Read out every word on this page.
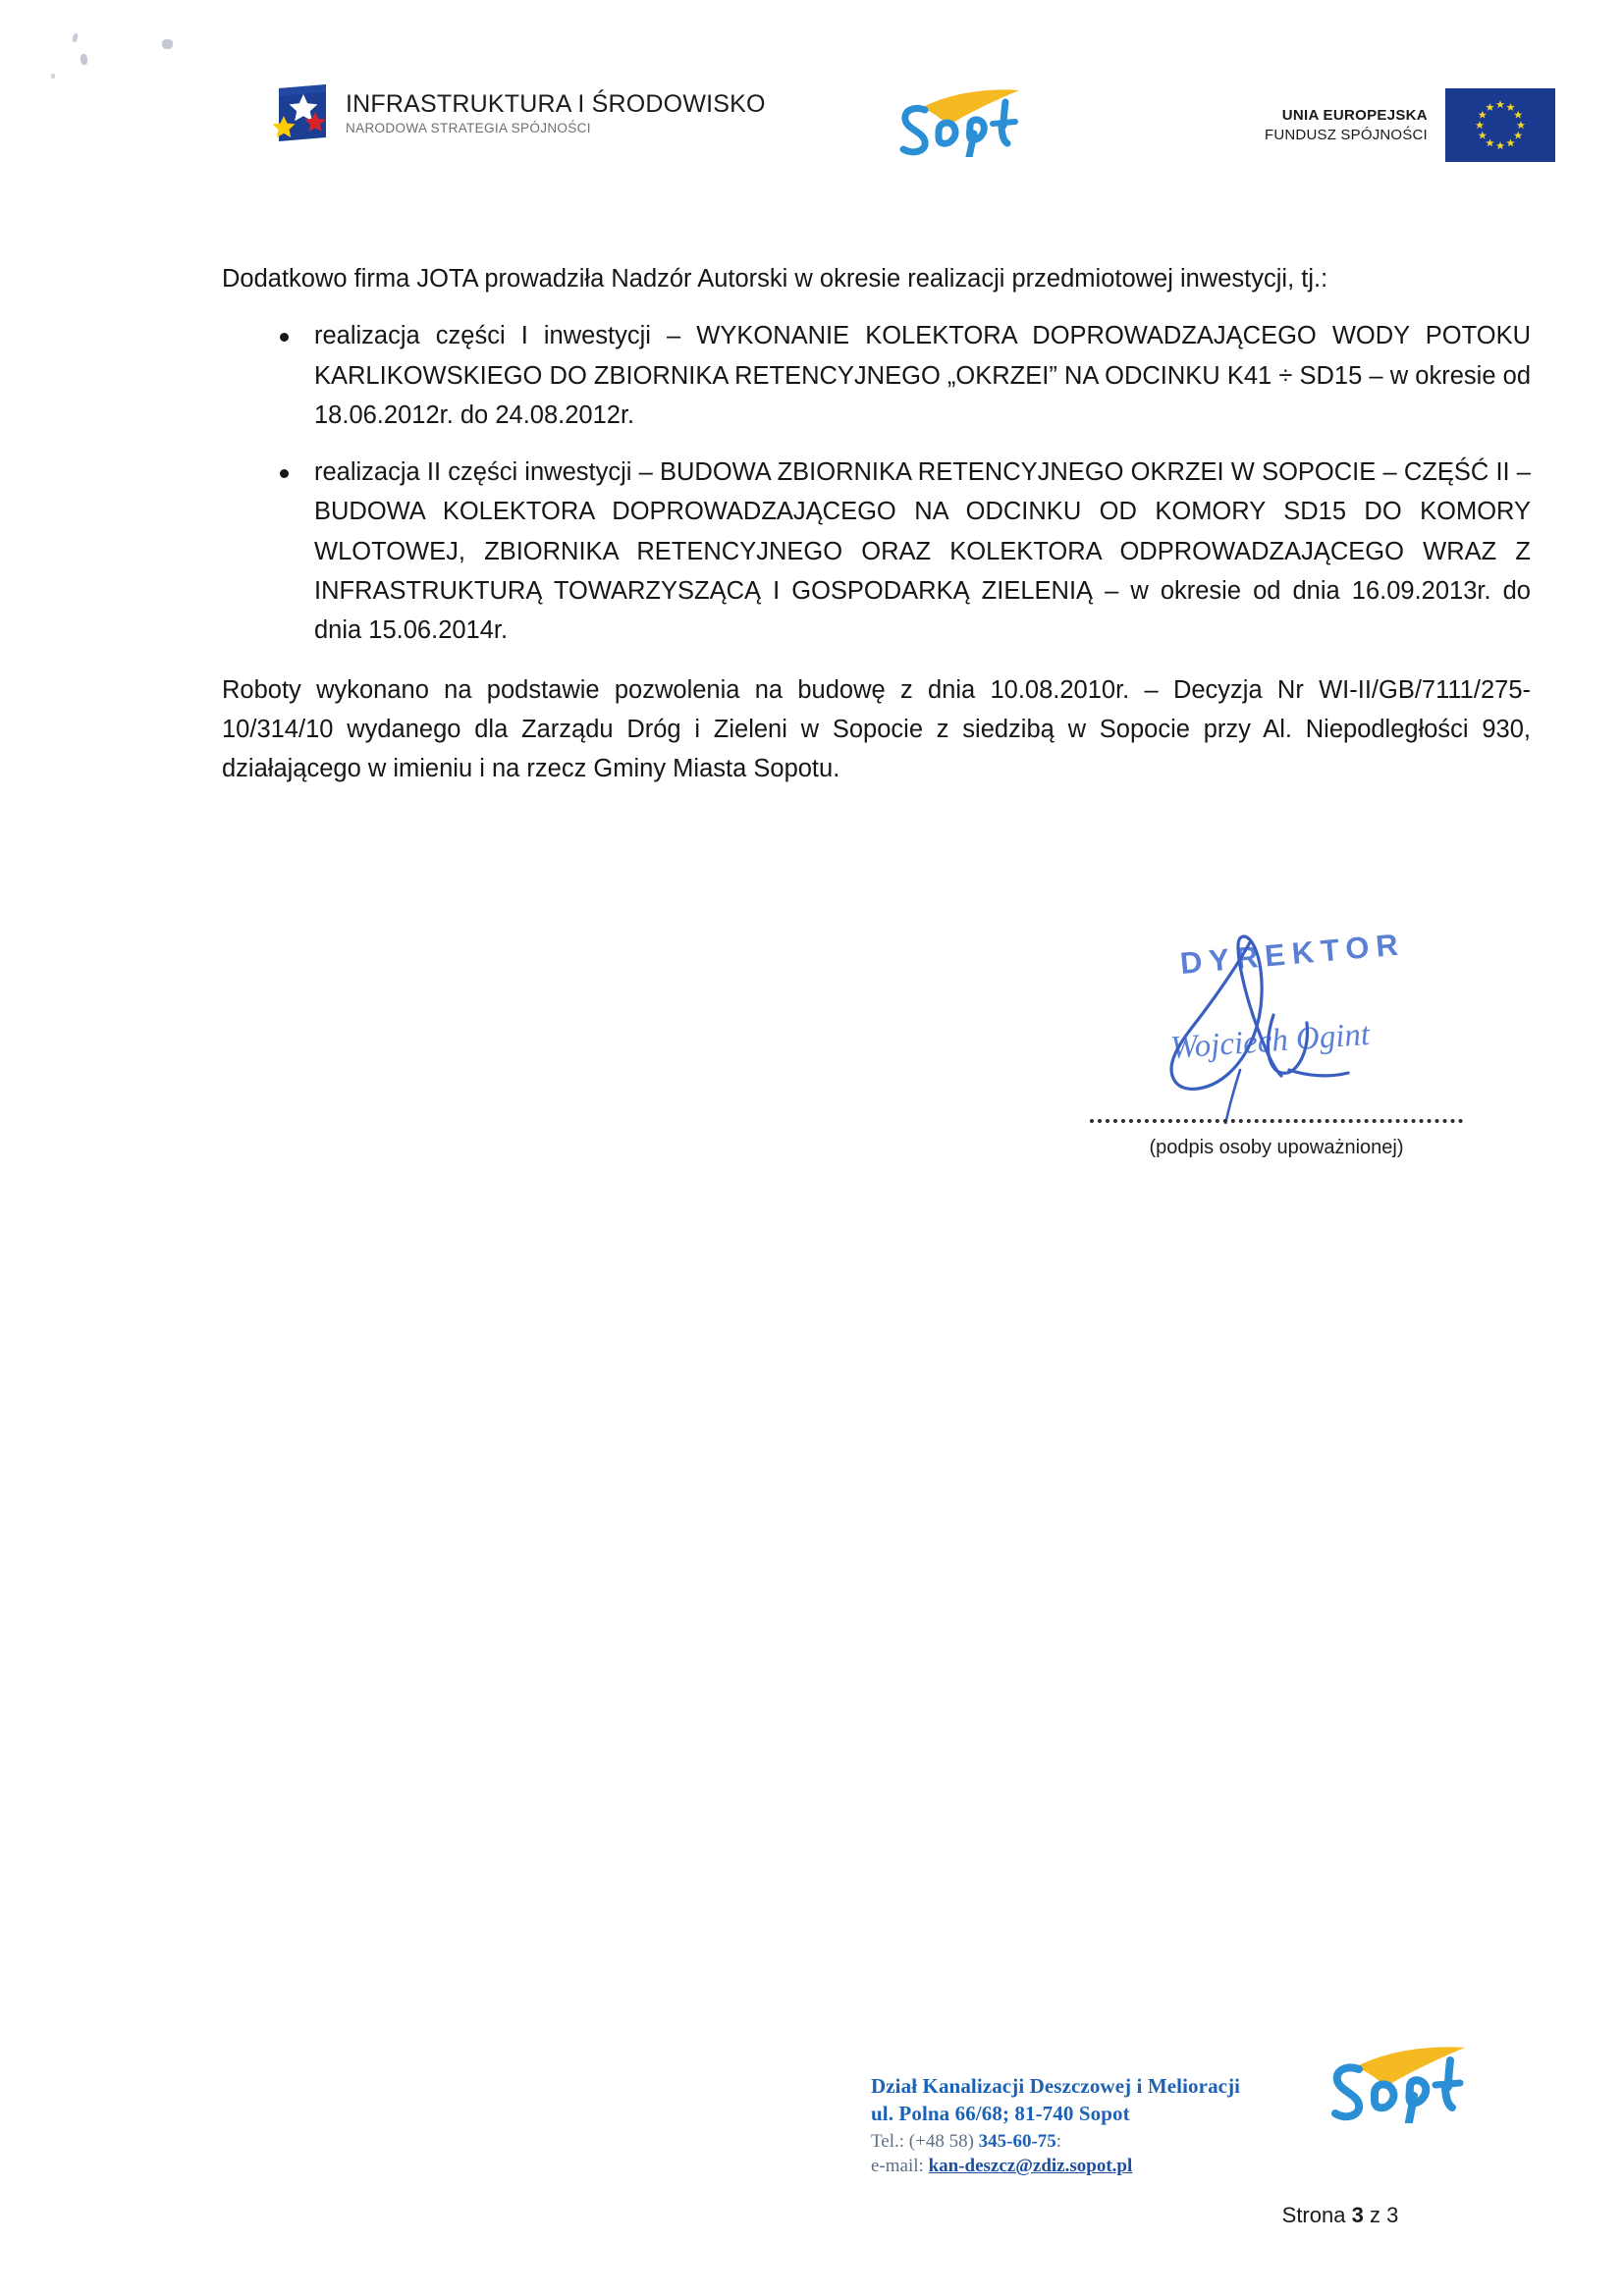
INFRASTRUKTURA I ŚRODOWISKO
NARODOWA STRATEGIA SPÓJNOŚCI
UNIA EUROPEJSKA
FUNDUSZ SPÓJNOŚCI

Dodatkowo firma JOTA prowadziła Nadzór Autorski w okresie realizacji przedmiotowej inwestycji, tj.:

realizacja części I inwestycji – WYKONANIE KOLEKTORA DOPROWADZAJĄCEGO WODY POTOKU KARLIKOWSKIEGO DO ZBIORNIKA RETENCYJNEGO „OKRZEI” NA ODCINKU K41 ÷ SD15 – w okresie od 18.06.2012r. do 24.08.2012r.
realizacja II części inwestycji – BUDOWA ZBIORNIKA RETENCYJNEGO OKRZEI W SOPOCIE – CZĘŚĆ II – BUDOWA KOLEKTORA DOPROWADZAJĄCEGO NA ODCINKU OD KOMORY SD15 DO KOMORY WLOTOWEJ, ZBIORNIKA RETENCYJNEGO ORAZ KOLEKTORA ODPROWADZAJĄCEGO WRAZ Z INFRASTRUKTURĄ TOWARZYSZĄCĄ I GOSPODARKĄ ZIELENIĄ – w okresie od dnia 16.09.2013r. do dnia 15.06.2014r.

Roboty wykonano na podstawie pozwolenia na budowę z dnia 10.08.2010r. – Decyzja Nr WI-II/GB/7111/275-10/314/10 wydanego dla Zarządu Dróg i Zieleni w Sopocie z siedzibą w Sopocie przy Al. Niepodległości 930, działającego w imieniu i na rzecz Gminy Miasta Sopotu.

DYREKTOR
Wojciech Ogint
(podpis osoby upoważnionej)
Dział Kanalizacji Deszczowej i Melioracji
ul. Polna 66/68; 81-740 Sopot
Tel.: (+48 58) 345-60-75:
e-mail: kan-deszcz@zdiz.sopot.pl
Strona 3 z 3
